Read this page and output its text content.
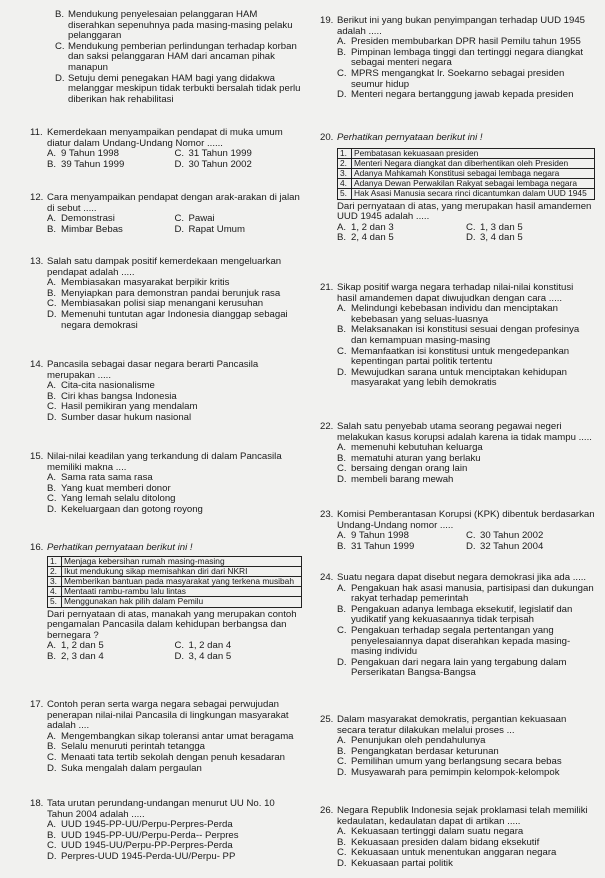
B. Mendukung penyelesaian pelanggaran HAM diserahkan sepenuhnya pada masing-masing pelaku pelanggaran
C. Mendukung pemberian perlindungan terhadap korban dan saksi pelanggaran HAM dari ancaman pihak manapun
D. Setuju demi penegakan HAM bagi yang didakwa melanggar meskipun tidak terbukti bersalah tidak perlu diberikan hak rehabilitasi
11. Kemerdekaan menyampaikan pendapat di muka umum diatur dalam Undang-Undang Nomor ......
A. 9 Tahun 1998	C. 31 Tahun 1999
B. 39 Tahun 1999	D. 30 Tahun 2002
12. Cara menyampaikan pendapat dengan arak-arakan di jalan di sebut .....
A. Demonstrasi	C. Pawai
B. Mimbar Bebas	D. Rapat Umum
13. Salah satu dampak positif kemerdekaan mengeluarkan pendapat adalah .....
A. Membiasakan masyarakat berpikir kritis
B. Menyiapkan para demonstran pandai berunjuk rasa
C. Membiasakan polisi siap menangani kerusuhan
D. Memenuhi tuntutan agar Indonesia dianggap sebagai negara demokrasi
14. Pancasila sebagai dasar negara berarti Pancasila merupakan .....
A. Cita-cita nasionalisme
B. Ciri khas bangsa Indonesia
C. Hasil pemikiran yang mendalam
D. Sumber dasar hukum nasional
15. Nilai-nilai keadilan yang terkandung di dalam Pancasila memiliki makna ....
A. Sama rata sama rasa
B. Yang kuat memberi donor
C. Yang lemah selalu ditolong
D. Kekeluargaan dan gotong royong
16. Perhatikan pernyataan berikut ini !
1.	Menjaga kebersihan rumah masing-masing
2.	Ikut mendukung sikap memisahkan diri dari NKRI
3.	Memberikan bantuan pada masyarakat yang terkena musibah
4.	Mentaati rambu-rambu lalu lintas
5.	Menggunakan hak pilih dalam Pemilu
Dari pernyataan di atas, manakah yang merupakan contoh pengamalan Pancasila dalam kehidupan berbangsa dan bernegara ?
A. 1, 2 dan 5	C. 1, 2 dan 4
B. 2, 3 dan 4	D. 3, 4 dan 5
17. Contoh peran serta warga negara sebagai perwujudan penerapan nilai-nilai Pancasila di lingkungan masyarakat adalah ....
A. Mengembangkan sikap toleransi antar umat beragama
B. Selalu menuruti perintah tetangga
C. Menaati tata tertib sekolah dengan penuh kesadaran
D. Suka mengalah dalam pergaulan
18. Tata urutan perundang-undangan menurut UU No. 10 Tahun 2004 adalah .....
A. UUD 1945-PP-UU/Perpu-Perpres-Perda
B. UUD 1945-PP-UU/Perpu-Perda-- Perpres
C. UUD 1945-UU/Perpu-PP-Perpres-Perda
D. Perpres-UUD 1945-Perda-UU/Perpu- PP
19. Berikut ini yang bukan penyimpangan terhadap UUD 1945 adalah .....
A. Presiden membubarkan DPR hasil Pemilu tahun 1955
B. Pimpinan lembaga tinggi dan tertinggi negara diangkat sebagai menteri negara
C. MPRS mengangkat Ir. Soekarno sebagai presiden seumur hidup
D. Menteri negara bertanggung jawab kepada presiden
20. Perhatikan pernyataan berikut ini !
1.	Pembatasan kekuasaan presiden
2.	Menteri Negara diangkat dan diberhentikan oleh Presiden
3.	Adanya Mahkamah Konstitusi sebagai lembaga negara
4.	Adanya Dewan Perwakilan Rakyat sebagai lembaga negara
5.	Hak Asasi Manusia secara rinci dicantumkan dalam UUD 1945
Dari pernyataan di atas, yang merupakan hasil amandemen UUD 1945 adalah .....
A. 1, 2 dan 3	C. 1, 3 dan 5
B. 2, 4 dan 5	D. 3, 4 dan 5
21. Sikap positif warga negara terhadap nilai-nilai konstitusi hasil amandemen dapat diwujudkan dengan cara .....
A. Melindungi kebebasan individu dan menciptakan kebebasan yang seluas-luasnya
B. Melaksanakan isi konstitusi sesuai dengan profesinya dan kemampuan masing-masing
C. Memanfaatkan isi konstitusi untuk mengedepankan kepentingan partai politik tertentu
D. Mewujudkan sarana untuk menciptakan kehidupan masyarakat yang lebih demokratis
22. Salah satu penyebab utama seorang pegawai negeri melakukan kasus korupsi adalah karena ia tidak mampu .....
A. memenuhi kebutuhan keluarga
B. mematuhi aturan yang berlaku
C. bersaing dengan orang lain
D. membeli barang mewah
23. Komisi Pemberantasan Korupsi (KPK) dibentuk berdasarkan Undang-Undang nomor .....
A. 9 Tahun 1998	C. 30 Tahun 2002
B. 31 Tahun 1999	D. 32 Tahun 2004
24. Suatu negara dapat disebut negara demokrasi jika ada .....
A. Pengakuan hak asasi manusia, partisipasi dan dukungan rakyat terhadap pemerintah
B. Pengakuan adanya lembaga eksekutif, legislatif dan yudikatif yang kekuasaannya tidak terpisah
C. Pengakuan terhadap segala pertentangan yang penyelesaiannya dapat diserahkan kepada masing-masing individu
D. Pengakuan dari negara lain yang tergabung dalam Perserikatan Bangsa-Bangsa
25. Dalam masyarakat demokratis, pergantian kekuasaan secara teratur dilakukan melalui proses ...
A. Penunjukan oleh pendahulunya
B. Pengangkatan berdasar keturunan
C. Pemilihan umum yang berlangsung secara bebas
D. Musyawarah para pemimpin kelompok-kelompok
26. Negara Republik Indonesia sejak proklamasi telah memiliki kedaulatan, kedaulatan dapat di artikan .....
A. Kekuasaan tertinggi dalam suatu negara
B. Kekuasaan presiden dalam bidang eksekutif
C. Kekuasaan untuk menentukan anggaran negara
D. Kekuasaan partai politik
